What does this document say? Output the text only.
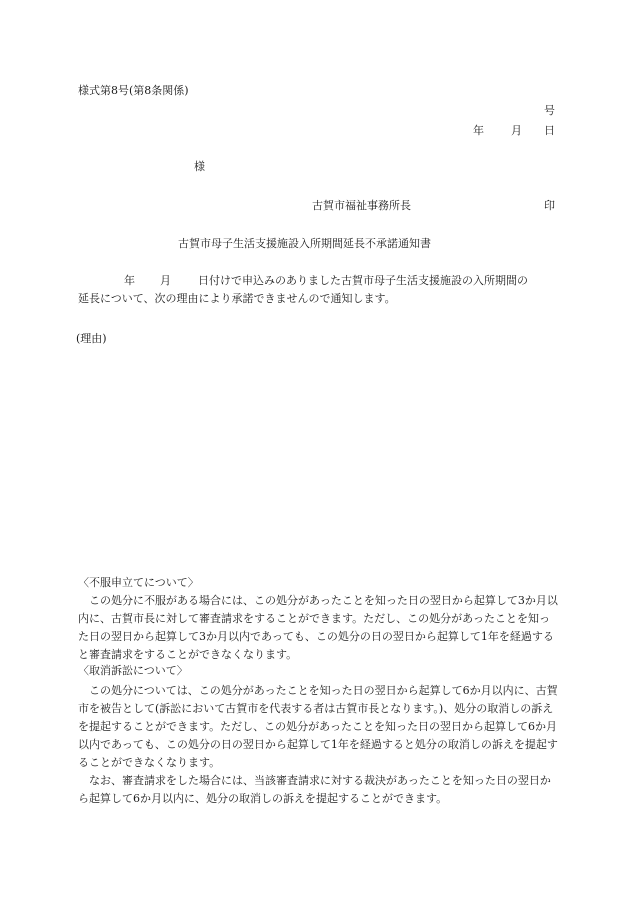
様式第8号(第8条関係)
号
年 月 日
様
古賀市福祉事務所長	印
古賀市母子生活支援施設入所期間延長不承諾通知書
年 月 日付けで申込みのありました古賀市母子生活支援施設の入所期間の
延長について、次の理由により承諾できませんので通知します。
(理由)
〈不服申立てについて〉

この処分に不服がある場合には、この処分があったことを知った日の翌日から起算して3か月以内に、古賀市長に対して審査請求をすることができます。ただし、この処分があったことを知った日の翌日から起算して3か月以内であっても、この処分の日の翌日から起算して1年を経過すると審査請求をすることができなくなります。

〈取消訴訟について〉

この処分については、この処分があったことを知った日の翌日から起算して6か月以内に、古賀市を被告として(訴訟において古賀市を代表する者は古賀市長となります。)、処分の取消しの訴えを提起することができます。ただし、この処分があったことを知った日の翌日から起算して6か月以内であっても、この処分の日の翌日から起算して1年を経過すると処分の取消しの訴えを提起することができなくなります。

なお、審査請求をした場合には、当該審査請求に対する裁決があったことを知った日の翌日から起算して6か月以内に、処分の取消しの訴えを提起することができます。
